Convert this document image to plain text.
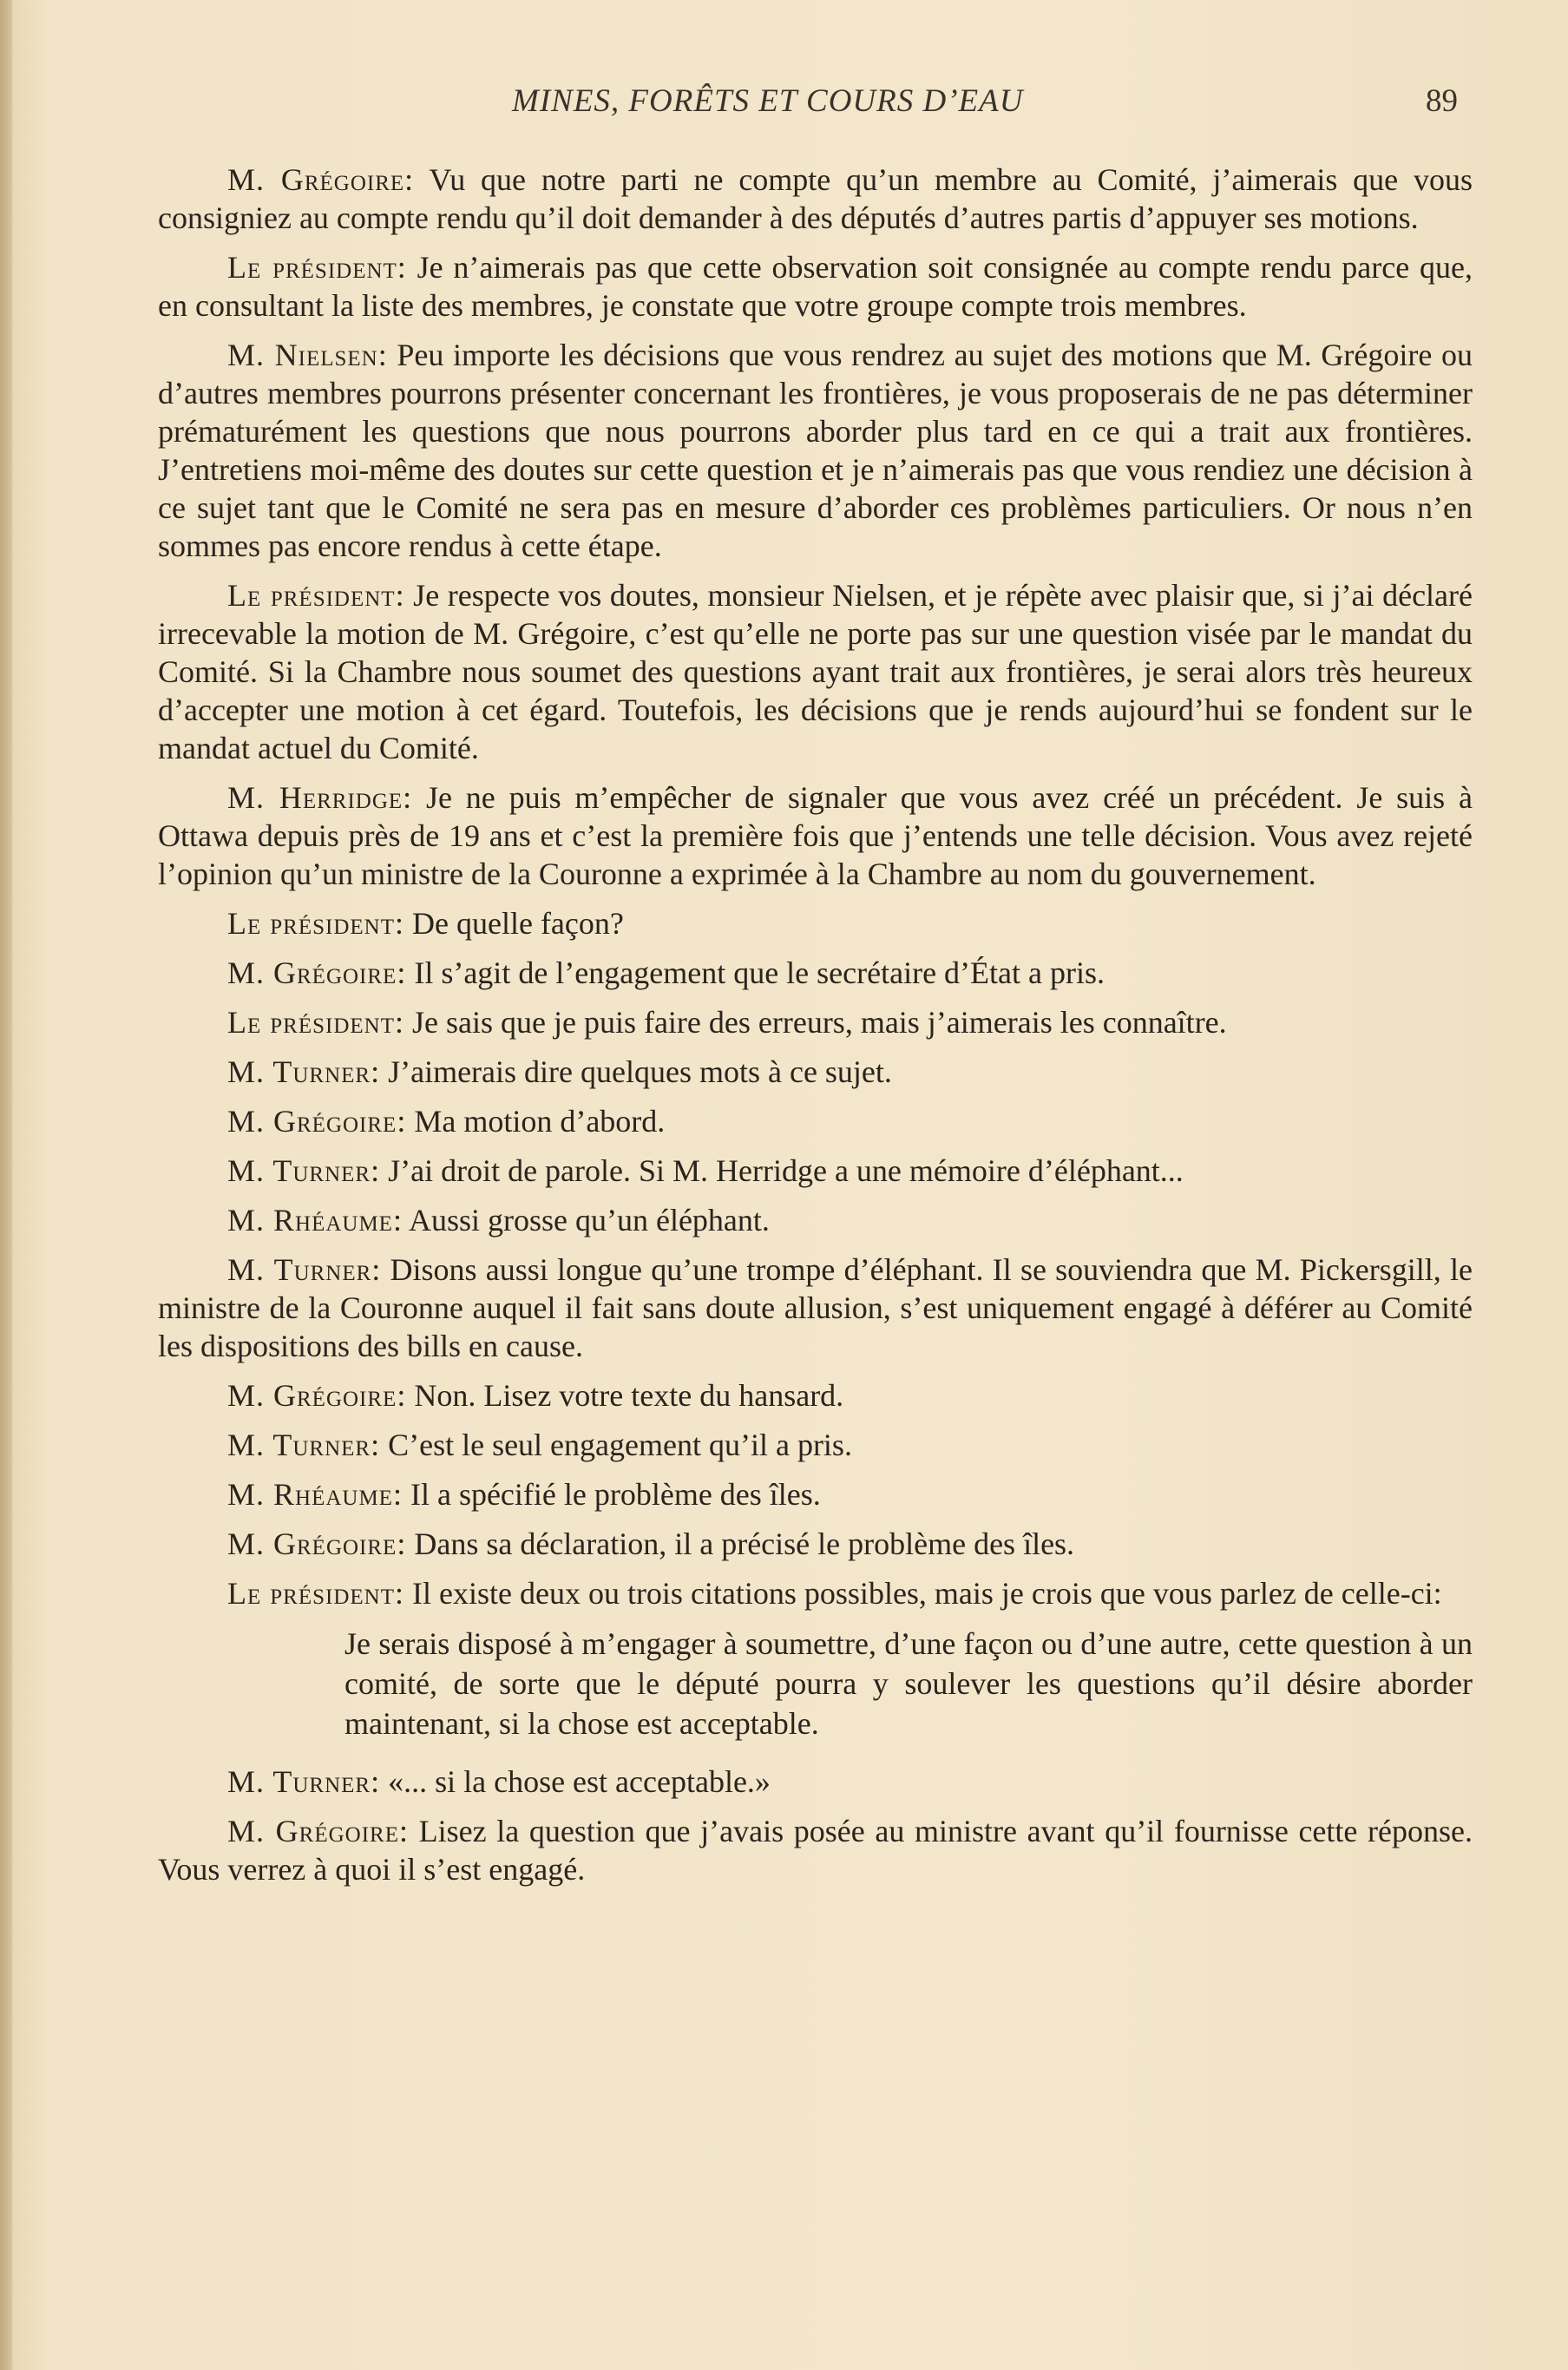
MINES, FORÊTS ET COURS D’EAU	89

M. Grégoire: Vu que notre parti ne compte qu’un membre au Comité, j’aimerais que vous consigniez au compte rendu qu’il doit demander à des députés d’autres partis d’appuyer ses motions.

Le président: Je n’aimerais pas que cette observation soit consignée au compte rendu parce que, en consultant la liste des membres, je constate que votre groupe compte trois membres.

M. Nielsen: Peu importe les décisions que vous rendrez au sujet des motions que M. Grégoire ou d’autres membres pourrons présenter concernant les frontières, je vous proposerais de ne pas déterminer prématurément les questions que nous pourrons aborder plus tard en ce qui a trait aux frontières. J’entretiens moi-même des doutes sur cette question et je n’aimerais pas que vous rendiez une décision à ce sujet tant que le Comité ne sera pas en mesure d’aborder ces problèmes particuliers. Or nous n’en sommes pas encore rendus à cette étape.

Le président: Je respecte vos doutes, monsieur Nielsen, et je répète avec plaisir que, si j’ai déclaré irrecevable la motion de M. Grégoire, c’est qu’elle ne porte pas sur une question visée par le mandat du Comité. Si la Chambre nous soumet des questions ayant trait aux frontières, je serai alors très heureux d’accepter une motion à cet égard. Toutefois, les décisions que je rends aujourd’hui se fondent sur le mandat actuel du Comité.

M. Herridge: Je ne puis m’empêcher de signaler que vous avez créé un précédent. Je suis à Ottawa depuis près de 19 ans et c’est la première fois que j’entends une telle décision. Vous avez rejeté l’opinion qu’un ministre de la Couronne a exprimée à la Chambre au nom du gouvernement.

Le président: De quelle façon?

M. Grégoire: Il s’agit de l’engagement que le secrétaire d’État a pris.

Le président: Je sais que je puis faire des erreurs, mais j’aimerais les connaître.

M. Turner: J’aimerais dire quelques mots à ce sujet.

M. Grégoire: Ma motion d’abord.

M. Turner: J’ai droit de parole. Si M. Herridge a une mémoire d’éléphant...

M. Rhéaume: Aussi grosse qu’un éléphant.

M. Turner: Disons aussi longue qu’une trompe d’éléphant. Il se souviendra que M. Pickersgill, le ministre de la Couronne auquel il fait sans doute allusion, s’est uniquement engagé à déférer au Comité les dispositions des bills en cause.

M. Grégoire: Non. Lisez votre texte du hansard.

M. Turner: C’est le seul engagement qu’il a pris.

M. Rhéaume: Il a spécifié le problème des îles.

M. Grégoire: Dans sa déclaration, il a précisé le problème des îles.

Le président: Il existe deux ou trois citations possibles, mais je crois que vous parlez de celle-ci:

Je serais disposé à m’engager à soumettre, d’une façon ou d’une autre, cette question à un comité, de sorte que le député pourra y soulever les questions qu’il désire aborder maintenant, si la chose est acceptable.

M. Turner: «... si la chose est acceptable.»

M. Grégoire: Lisez la question que j’avais posée au ministre avant qu’il fournisse cette réponse. Vous verrez à quoi il s’est engagé.
